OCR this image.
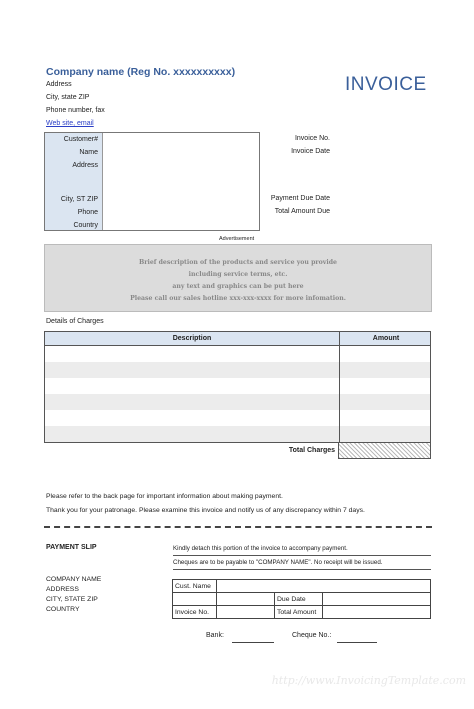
Company name (Reg No. xxxxxxxxxx)
Address
City, state ZIP
Phone number, fax
Web site, email
INVOICE
Customer#
Name
Address
City, ST ZIP
Phone
Country
Invoice No.
Invoice Date
Payment Due Date
Total Amount Due
Advertisement
Brief description of the products and service you provide
including service terms, etc.
any text and graphics can be put here
Please call our sales hotline xxx-xxx-xxxx for more infomation.
Details of Charges
Description	Amount
Total Charges
Please refer to the back page for important information about making payment.
Thank you for your patronage. Please examine this invoice and notify us of any discrepancy within 7 days.
PAYMENT SLIP	Kindly detach this portion of the invoice to accompany payment.
Cheques are to be payable to "COMPANY NAME". No receipt will be issued.
COMPANY NAME
ADDRESS
CITY, STATE ZIP
COUNTRY
Cust. Name			
		Due Date	
Invoice No.		Total Amount	
Bank:	Cheque No.:
http://www.InvoicingTemplate.com
